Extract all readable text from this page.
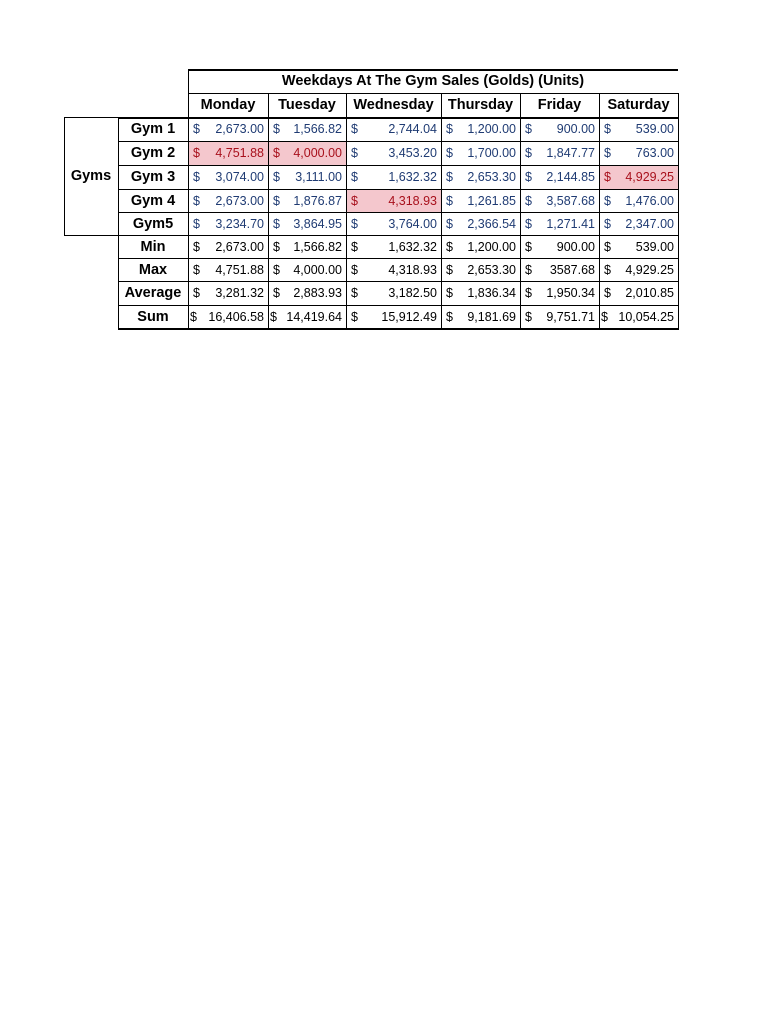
Weekdays At The Gym Sales (Golds) (Units)
Monday	Tuesday	Wednesday Thursday	Friday	Saturday
Gyms
Gym 1	$ 2,673.00 $ 1,566.82 $ 2,744.04 $ 1,200.00 $ 900.00 $ 539.00
Gym 2	$ 4,751.88 $ 4,000.00 $ 3,453.20 $ 1,700.00 $ 1,847.77 $ 763.00
Gym 3	$ 3,074.00 $ 3,111.00 $ 1,632.32 $ 2,653.30 $ 2,144.85 $ 4,929.25
Gym 4	$ 2,673.00 $ 1,876.87 $ 4,318.93 $ 1,261.85 $ 3,587.68 $ 1,476.00
Gym5	$ 3,234.70 $ 3,864.95 $ 3,764.00 $ 2,366.54 $ 1,271.41 $ 2,347.00
Min	$ 2,673.00 $ 1,566.82 $ 1,632.32 $ 1,200.00 $ 900.00 $ 539.00
Max	$ 4,751.88 $ 4,000.00 $ 4,318.93 $ 2,653.30 $ 3587.68 $ 4,929.25
Average $ 3,281.32 $ 2,883.93 $ 3,182.50 $ 1,836.34 $ 1,950.34 $ 2,010.85
Sum	$ 16,406.58 $ 14,419.64 $ 15,912.49 $ 9,181.69 $ 9,751.71 $ 10,054.25
